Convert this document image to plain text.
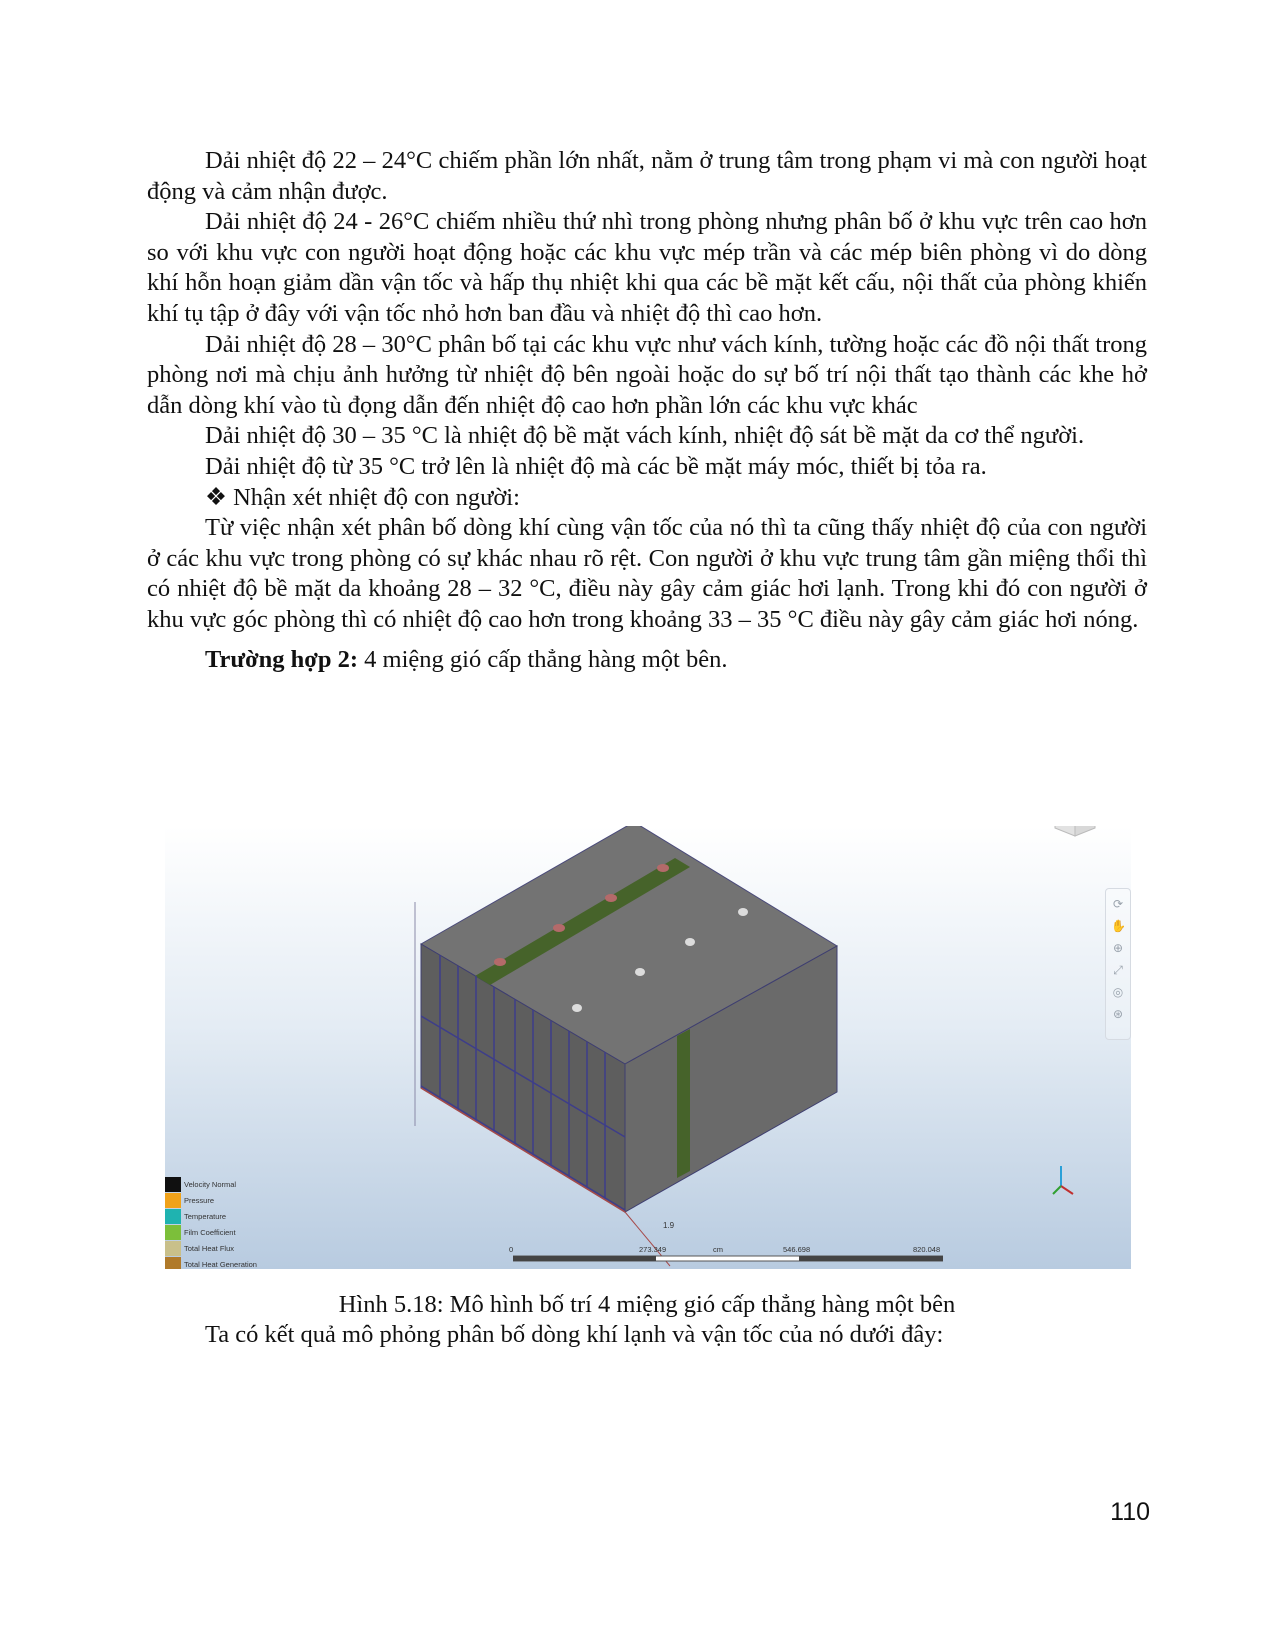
Dải nhiệt độ 22 – 24°C chiếm phần lớn nhất, nằm ở trung tâm trong phạm vi mà con người hoạt động và cảm nhận được.

Dải nhiệt độ 24 - 26°C chiếm nhiều thứ nhì trong phòng nhưng phân bố ở khu vực trên cao hơn so với khu vực con người hoạt động hoặc các khu vực mép trần và các mép biên phòng vì do dòng khí hỗn hoạn giảm dần vận tốc và hấp thụ nhiệt khi qua các bề mặt kết cấu, nội thất của phòng khiến khí tụ tập ở đây với vận tốc nhỏ hơn ban đầu và nhiệt độ thì cao hơn.

Dải nhiệt độ 28 – 30°C phân bố tại các khu vực như vách kính, tường hoặc các đồ nội thất trong phòng nơi mà chịu ảnh hưởng từ nhiệt độ bên ngoài hoặc do sự bố trí nội thất tạo thành các khe hở dẫn dòng khí vào tù đọng dẫn đến nhiệt độ cao hơn phần lớn các khu vực khác

Dải nhiệt độ 30 – 35 °C là nhiệt độ bề mặt vách kính, nhiệt độ sát bề mặt da cơ thể người.

Dải nhiệt độ từ 35 °C trở lên là nhiệt độ mà các bề mặt máy móc, thiết bị tỏa ra.

❖ Nhận xét nhiệt độ con người:

Từ việc nhận xét phân bố dòng khí cùng vận tốc của nó thì ta cũng thấy nhiệt độ của con người ở các khu vực trong phòng có sự khác nhau rõ rệt. Con người ở khu vực trung tâm gần miệng thổi thì có nhiệt độ bề mặt da khoảng 28 – 32 °C, điều này gây cảm giác hơi lạnh. Trong khi đó con người ở khu vực góc phòng thì có nhiệt độ cao hơn trong khoảng 33 – 35 °C điều này gây cảm giác hơi nóng.

Trường hợp 2: 4 miệng gió cấp thẳng hàng một bên.

1.9
⟳
✋
⊕
⤢
◎
⊛
Velocity Normal
Pressure
Temperature
Film Coefficient
Total Heat Flux
Total Heat Generation
0	273.349	cm	546.698	820.048
Hình 5.18: Mô hình bố trí 4 miệng gió cấp thẳng hàng một bên
Ta có kết quả mô phỏng phân bố dòng khí lạnh và vận tốc của nó dưới đây:
110
